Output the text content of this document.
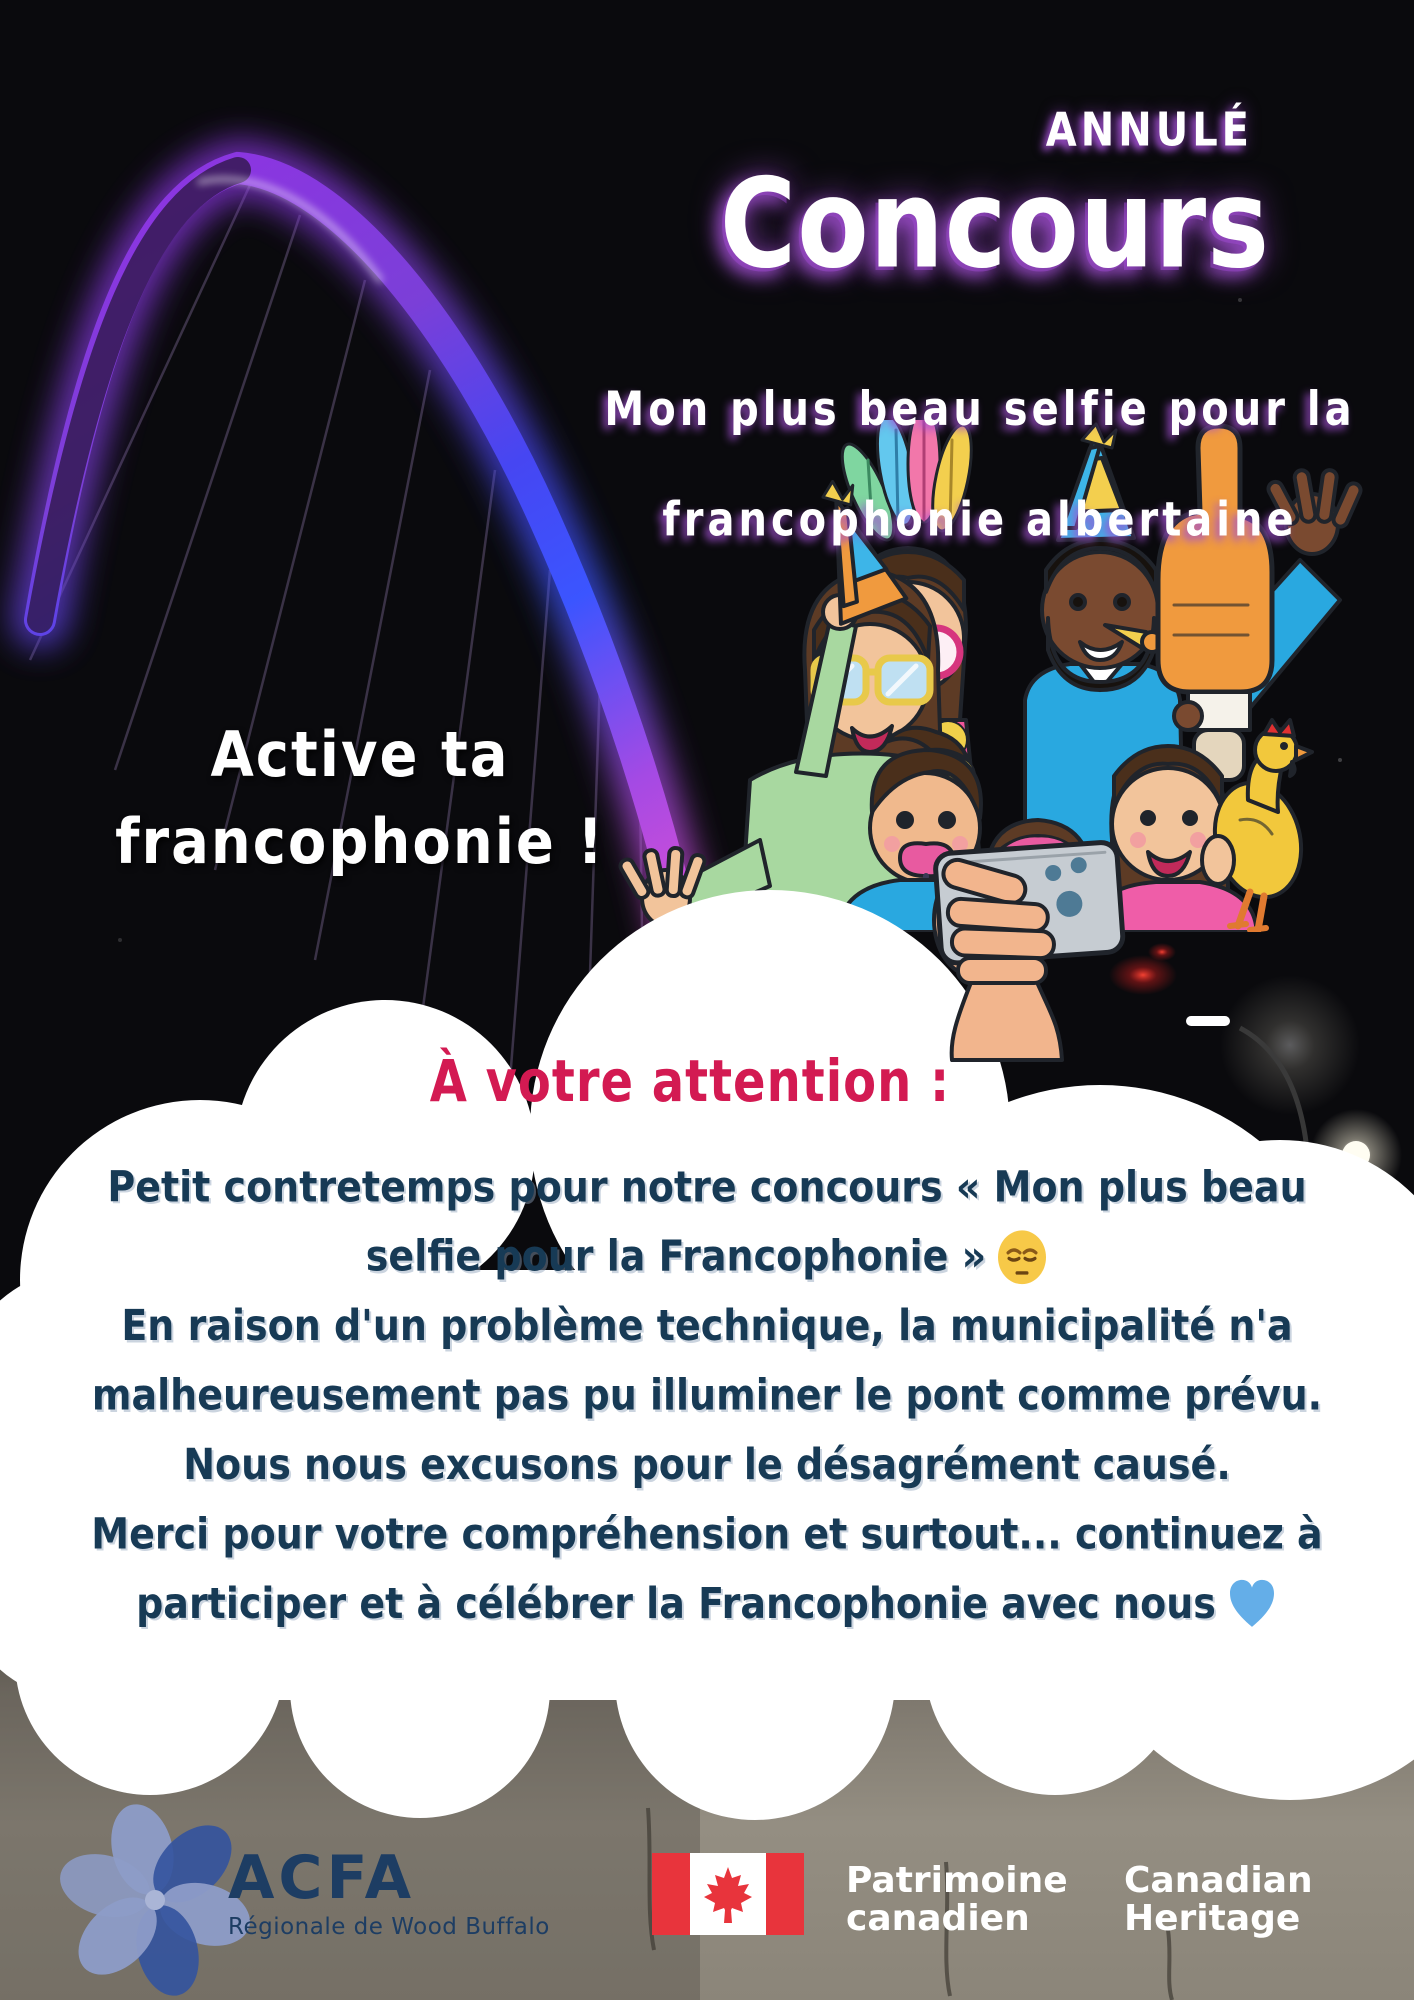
ANNULÉ
Concours
Mon plus beau selfie pour la
francophonie albertaine
Active ta
francophonie !
À votre attention :
Petit contretemps pour notre concours « Mon plus beau
selfie pour la Francophonie »
En raison d'un problème technique, la municipalité n'a
malheureusement pas pu illuminer le pont comme prévu.
Nous nous excusons pour le désagrément causé.
Merci pour votre compréhension et surtout... continuez à
participer et à célébrer la Francophonie avec nous
ACFA
Régionale de Wood Buffalo
Patrimoine
canadien
Canadian
Heritage
